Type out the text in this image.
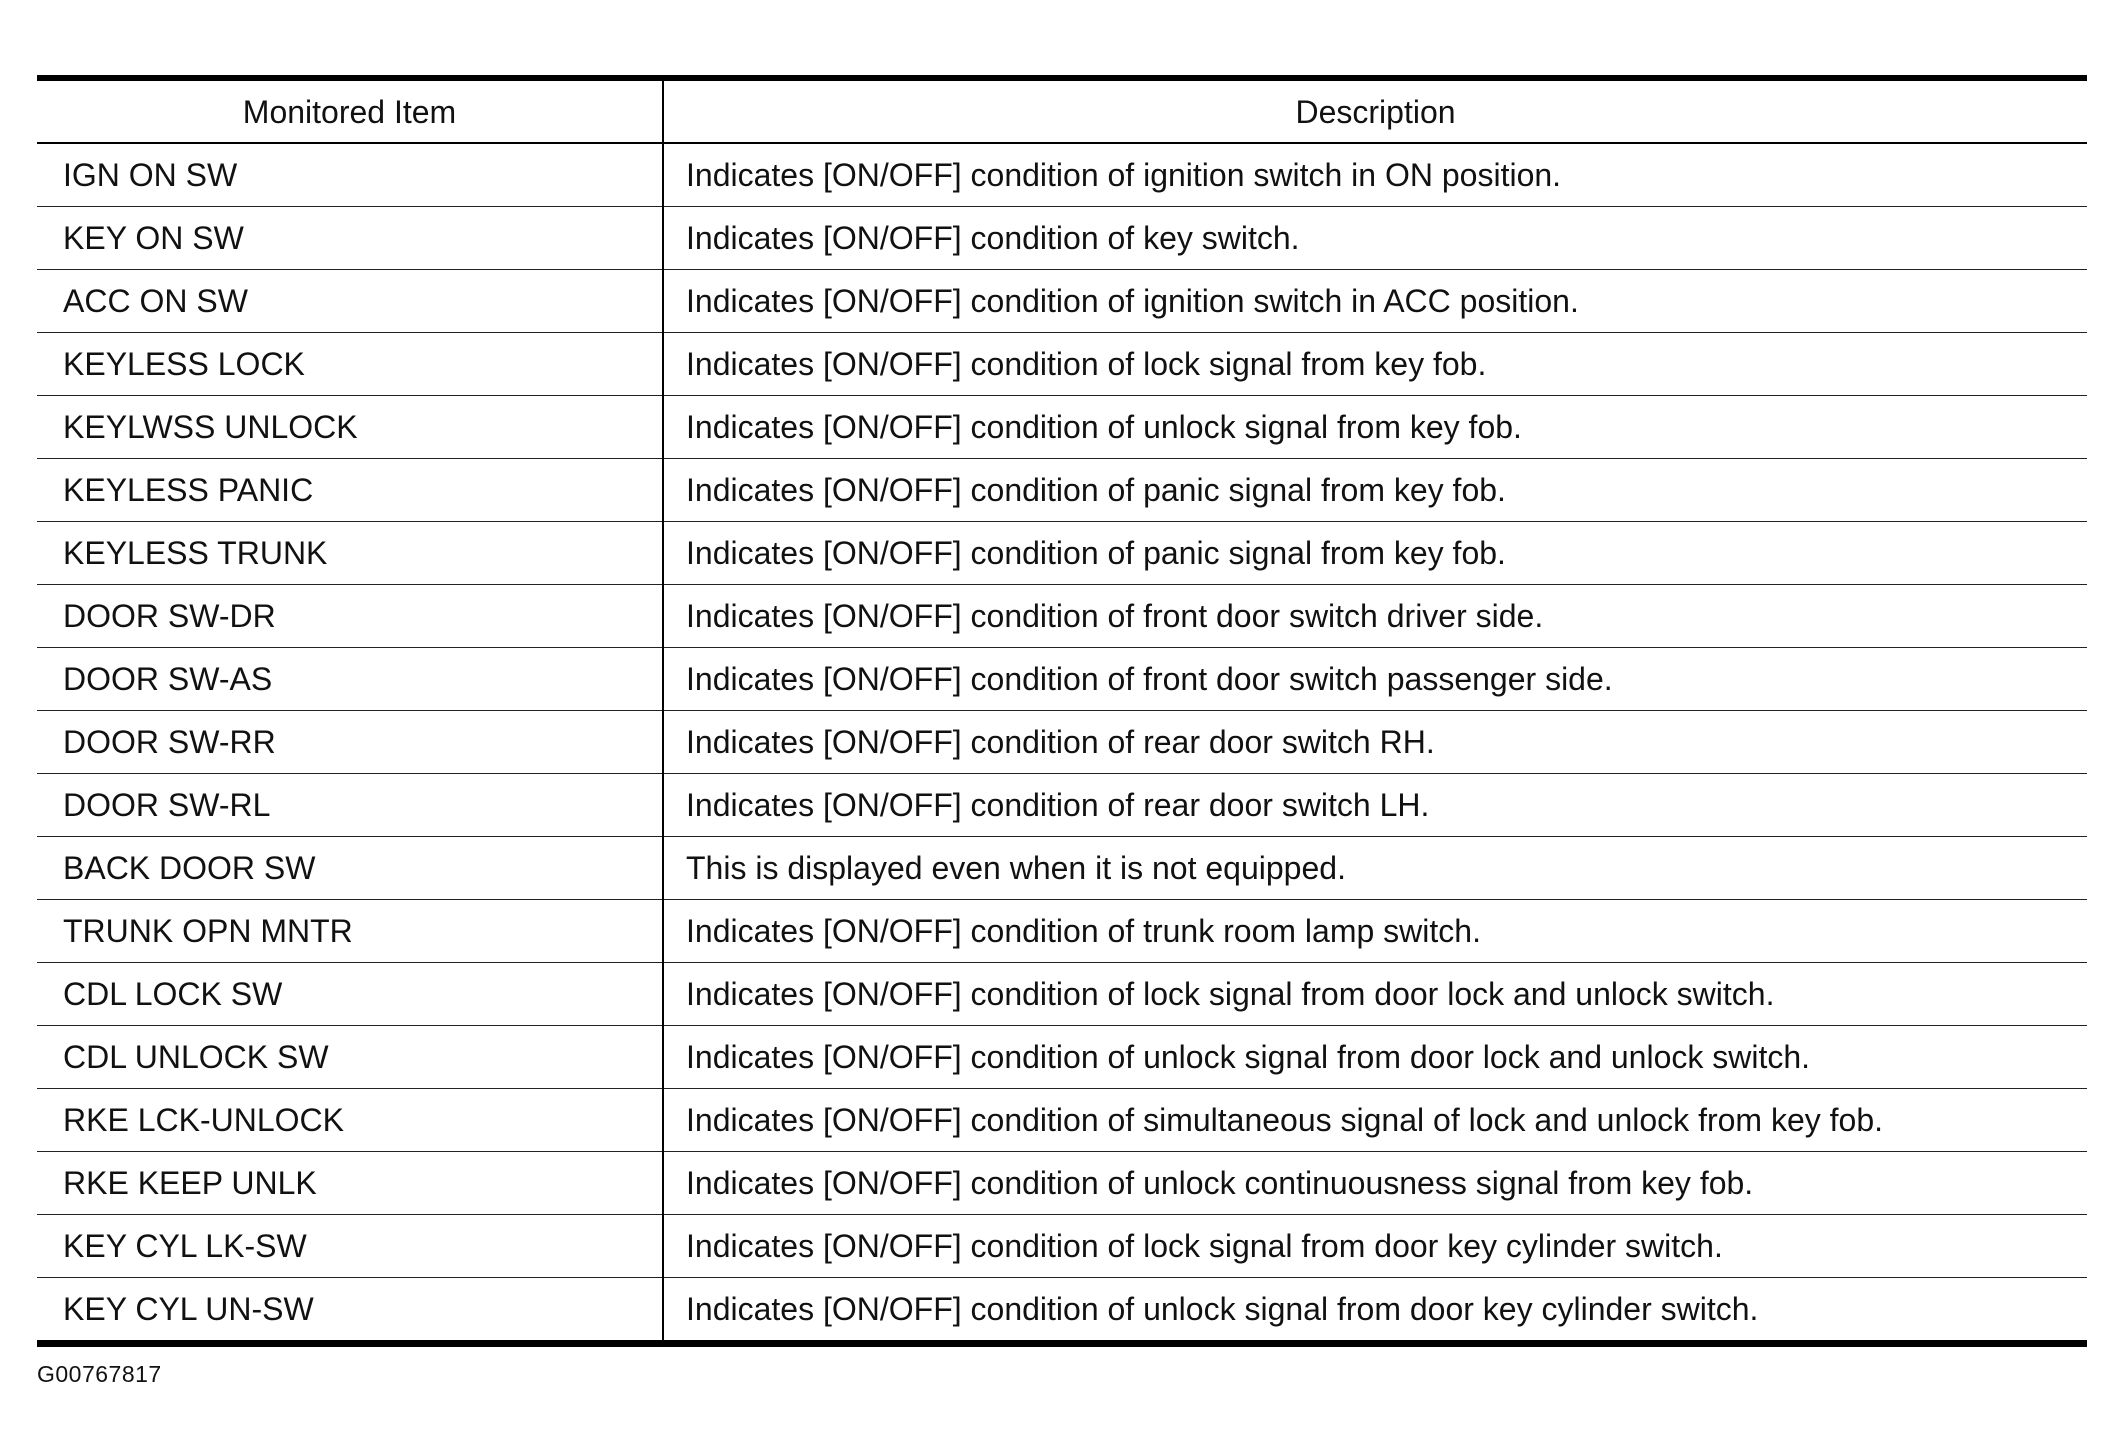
Monitored Item	Description
IGN ON SW	Indicates [ON/OFF] condition of ignition switch in ON position.
KEY ON SW	Indicates [ON/OFF] condition of key switch.
ACC ON SW	Indicates [ON/OFF] condition of ignition switch in ACC position.
KEYLESS LOCK	Indicates [ON/OFF] condition of lock signal from key fob.
KEYLWSS UNLOCK	Indicates [ON/OFF] condition of unlock signal from key fob.
KEYLESS PANIC	Indicates [ON/OFF] condition of panic signal from key fob.
KEYLESS TRUNK	Indicates [ON/OFF] condition of panic signal from key fob.
DOOR SW-DR	Indicates [ON/OFF] condition of front door switch driver side.
DOOR SW-AS	Indicates [ON/OFF] condition of front door switch passenger side.
DOOR SW-RR	Indicates [ON/OFF] condition of rear door switch RH.
DOOR SW-RL	Indicates [ON/OFF] condition of rear door switch LH.
BACK DOOR SW	This is displayed even when it is not equipped.
TRUNK OPN MNTR	Indicates [ON/OFF] condition of trunk room lamp switch.
CDL LOCK SW	Indicates [ON/OFF] condition of lock signal from door lock and unlock switch.
CDL UNLOCK SW	Indicates [ON/OFF] condition of unlock signal from door lock and unlock switch.
RKE LCK-UNLOCK	Indicates [ON/OFF] condition of simultaneous signal of lock and unlock from key fob.
RKE KEEP UNLK	Indicates [ON/OFF] condition of unlock continuousness signal from key fob.
KEY CYL LK-SW	Indicates [ON/OFF] condition of lock signal from door key cylinder switch.
KEY CYL UN-SW	Indicates [ON/OFF] condition of unlock signal from door key cylinder switch.
G00767817
